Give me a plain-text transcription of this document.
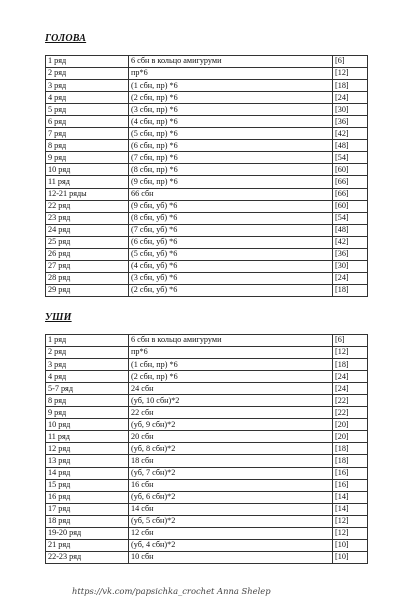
ГОЛОВА
1 ряд	6 сбн в кольцо амигуруми	[6]
2 ряд	пр*6	[12]
3 ряд	(1 сбн, пр) *6	[18]
4 ряд	(2 сбн, пр) *6	[24]
5 ряд	(3 сбн, пр) *6	[30]
6 ряд	(4 сбн, пр) *6	[36]
7 ряд	(5 сбн, пр) *6	[42]
8 ряд	(6 сбн, пр) *6	[48]
9 ряд	(7 сбн, пр) *6	[54]
10 ряд	(8 сбн, пр) *6	[60]
11 ряд	(9 сбн, пр) *6	[66]
12-21 ряды	66 сбн	[66]
22 ряд	(9 сбн, уб) *6	[60]
23 ряд	(8 сбн, уб) *6	[54]
24 ряд	(7 сбн, уб) *6	[48]
25 ряд	(6 сбн, уб) *6	[42]
26 ряд	(5 сбн, уб) *6	[36]
27 ряд	(4 сбн, уб) *6	[30]
28 ряд	(3 сбн, уб) *6	[24]
29 ряд	(2 сбн, уб) *6	[18]
УШИ
1 ряд	6 сбн в кольцо амигуруми	[6]
2 ряд	пр*6	[12]
3 ряд	(1 сбн, пр) *6	[18]
4 ряд	(2 сбн, пр) *6	[24]
5-7 ряд	24 сбн	[24]
8 ряд	(уб, 10 сбн)*2	[22]
9 ряд	22 сбн	[22]
10 ряд	(уб, 9 сбн)*2	[20]
11 ряд	20 сбн	[20]
12 ряд	(уб, 8 сбн)*2	[18]
13 ряд	18 сбн	[18]
14 ряд	(уб, 7 сбн)*2	[16]
15 ряд	16 сбн	[16]
16 ряд	(уб, 6 сбн)*2	[14]
17 ряд	14 сбн	[14]
18 ряд	(уб, 5 сбн)*2	[12]
19-20 ряд	12 сбн	[12]
21 ряд	(уб, 4 сбн)*2	[10]
22-23 ряд	10 сбн	[10]
https://vk.com/papsichka_crochet Anna Shelep
